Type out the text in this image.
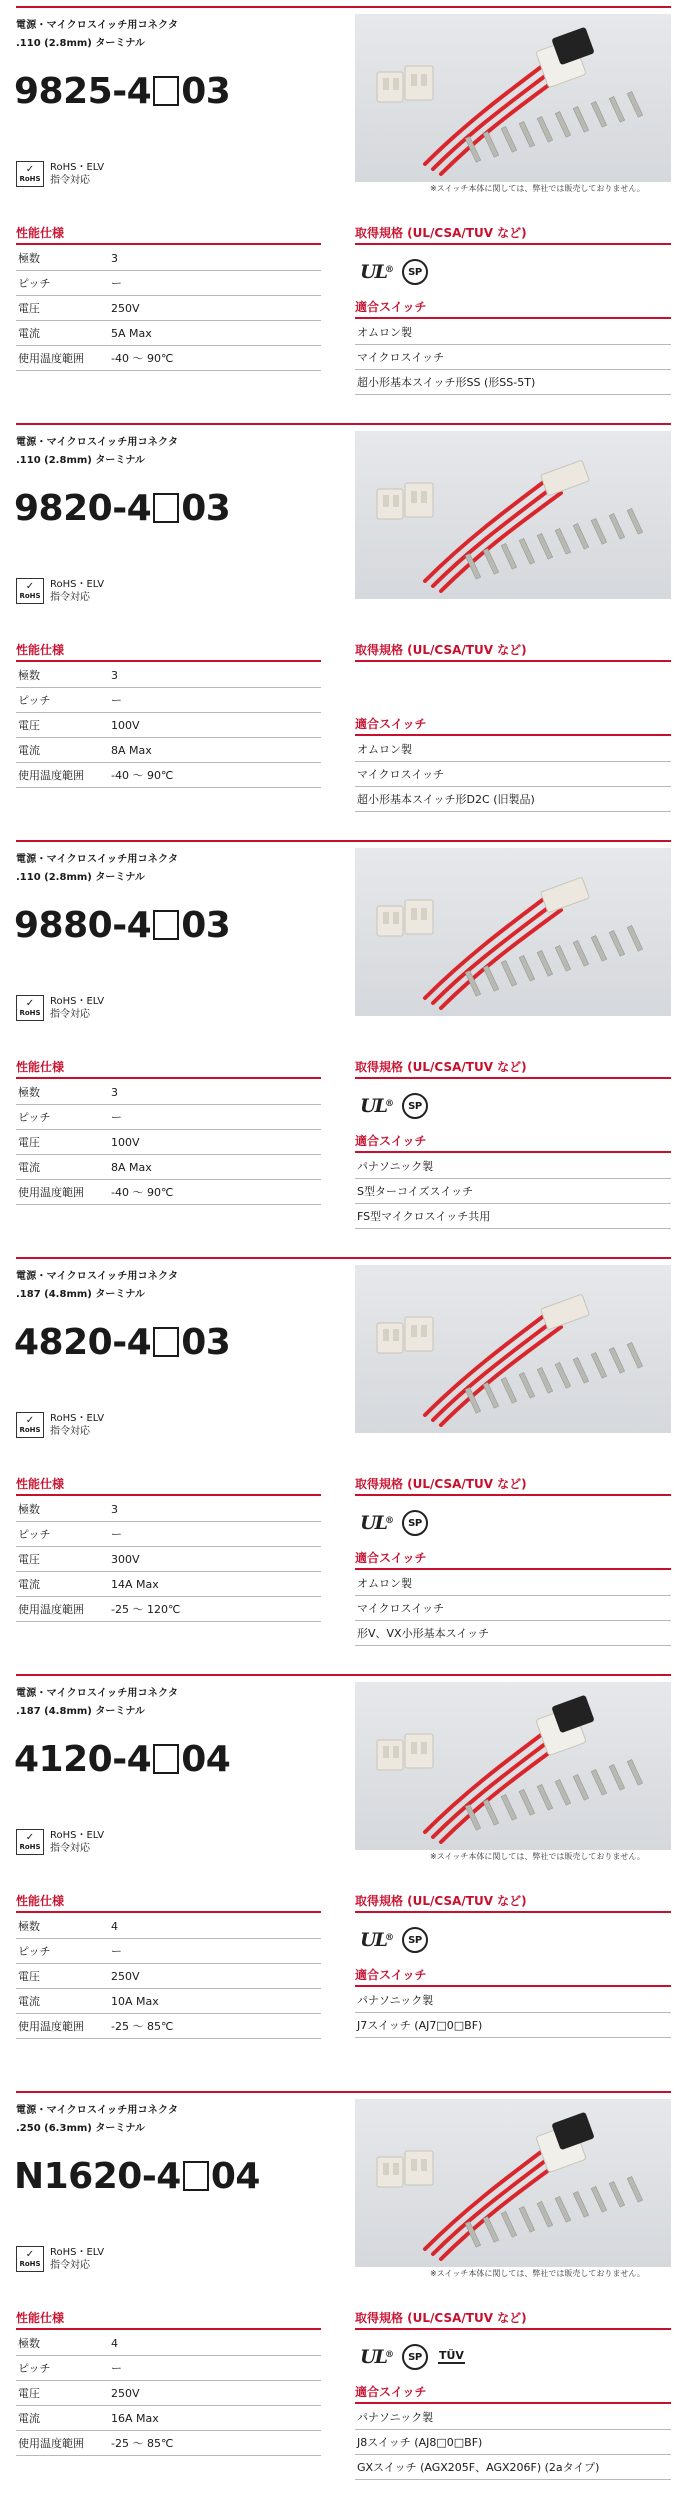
電源・マイクロスイッチ用コネクタ
.110 (2.8mm) ターミナル
9825-4 03
✓
RoHS
RoHS・ELV
指令対応
※スイッチ本体に関しては、弊社では販売しておりません。
性能仕様	取得規格 (UL/CSA/TUV など)
極数	3
ピッチ	ー
電圧	250V
電流	5A Max
使用温度範囲	-40 ～ 90℃
UL® SP
適合スイッチ
オムロン製
マイクロスイッチ
超小形基本スイッチ形SS (形SS-5T)
電源・マイクロスイッチ用コネクタ
.110 (2.8mm) ターミナル
9820-4 03
✓
RoHS
RoHS・ELV
指令対応
性能仕様	取得規格 (UL/CSA/TUV など)
極数	3
ピッチ	ー
電圧	100V
電流	8A Max
使用温度範囲	-40 ～ 90℃
適合スイッチ
オムロン製
マイクロスイッチ
超小形基本スイッチ形D2C (旧製品)
電源・マイクロスイッチ用コネクタ
.110 (2.8mm) ターミナル
9880-4 03
✓
RoHS
RoHS・ELV
指令対応
性能仕様	取得規格 (UL/CSA/TUV など)
極数	3
ピッチ	ー
電圧	100V
電流	8A Max
使用温度範囲	-40 ～ 90℃
UL® SP
適合スイッチ
パナソニック製
S型ターコイズスイッチ
FS型マイクロスイッチ共用
電源・マイクロスイッチ用コネクタ
.187 (4.8mm) ターミナル
4820-4 03
✓
RoHS
RoHS・ELV
指令対応
性能仕様	取得規格 (UL/CSA/TUV など)
極数	3
ピッチ	ー
電圧	300V
電流	14A Max
使用温度範囲	-25 ～ 120℃
UL® SP
適合スイッチ
オムロン製
マイクロスイッチ
形V、VX小形基本スイッチ
電源・マイクロスイッチ用コネクタ
.187 (4.8mm) ターミナル
4120-4 04
✓
RoHS
RoHS・ELV
指令対応
※スイッチ本体に関しては、弊社では販売しておりません。
性能仕様	取得規格 (UL/CSA/TUV など)
極数	4
ピッチ	ー
電圧	250V
電流	10A Max
使用温度範囲	-25 ～ 85℃
UL® SP
適合スイッチ
パナソニック製
J7スイッチ (AJ7□0□BF)
電源・マイクロスイッチ用コネクタ
.250 (6.3mm) ターミナル
N1620-4 04
✓
RoHS
RoHS・ELV
指令対応
※スイッチ本体に関しては、弊社では販売しておりません。
性能仕様	取得規格 (UL/CSA/TUV など)
極数	4
ピッチ	ー
電圧	250V
電流	16A Max
使用温度範囲	-25 ～ 85℃
UL® SP TÜV
適合スイッチ
パナソニック製
J8スイッチ (AJ8□0□BF)
GXスイッチ (AGX205F、AGX206F) (2aタイプ)
